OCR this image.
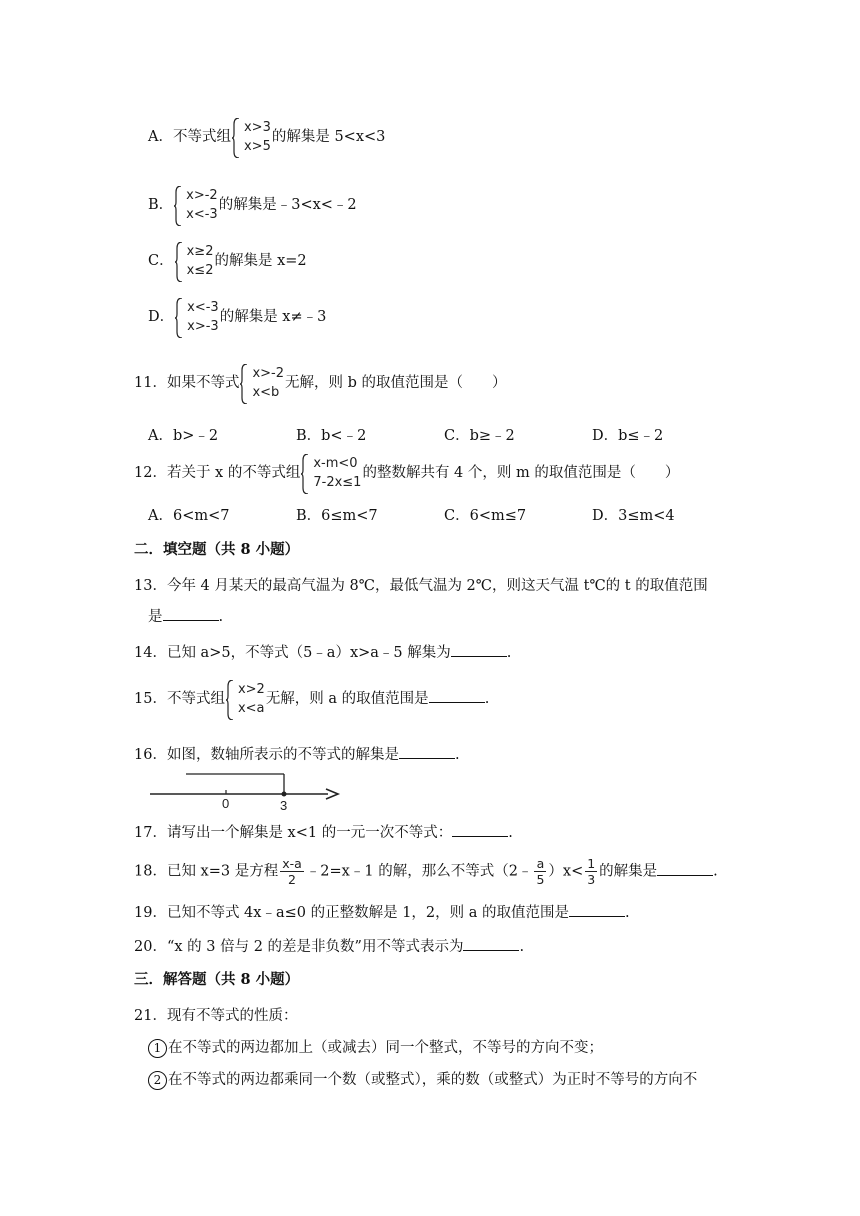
A．不等式组
x>3
x>5
的解集是 5<x<3
B．
x>-2
x<-3
的解集是﹣3<x<﹣2
C．
x≥2
x≤2
的解集是 x=2
D．
x<-3
x>-3
的解集是 x≠﹣3
11．如果不等式
x>-2
x<b
无解，则 b 的取值范围是（　　）
A．b>﹣2	B．b<﹣2	C．b≥﹣2	D．b≤﹣2
12．若关于 x 的不等式组
x-m<0
7-2x≤1
的整数解共有 4 个，则 m 的取值范围是（　　）
A．6<m<7	B．6≤m<7	C．6<m≤7	D．3≤m<4
二．填空题（共 8 小题）
13．今年 4 月某天的最高气温为 8℃，最低气温为 2℃，则这天气温 t℃的 t 的取值范围
是	.
14．已知 a>5，不等式（5﹣a）x>a﹣5 解集为	.
15．不等式组
x>2
x<a
无解，则 a 的取值范围是	.
16．如图，数轴所表示的不等式的解集是	.
0	3
17．请写出一个解集是 x<1 的一元一次不等式：	.
18．已知 x=3 是方程 $\frac{x-a}{2}$ ﹣2=x﹣1 的解，那么不等式（2﹣ $\frac{a}{5} )x< \frac{1}{3}$ 的解集是	.
19．已知不等式 4x﹣a≤0 的正整数解是 1，2，则 a 的取值范围是	.
20．“x 的 3 倍与 2 的差是非负数”用不等式表示为	.
三．解答题（共 8 小题）
21．现有不等式的性质：
1 在不等式的两边都加上（或减去）同一个整式，不等号的方向不变；
2 在不等式的两边都乘同一个数（或整式），乘的数（或整式）为正时不等号的方向不
